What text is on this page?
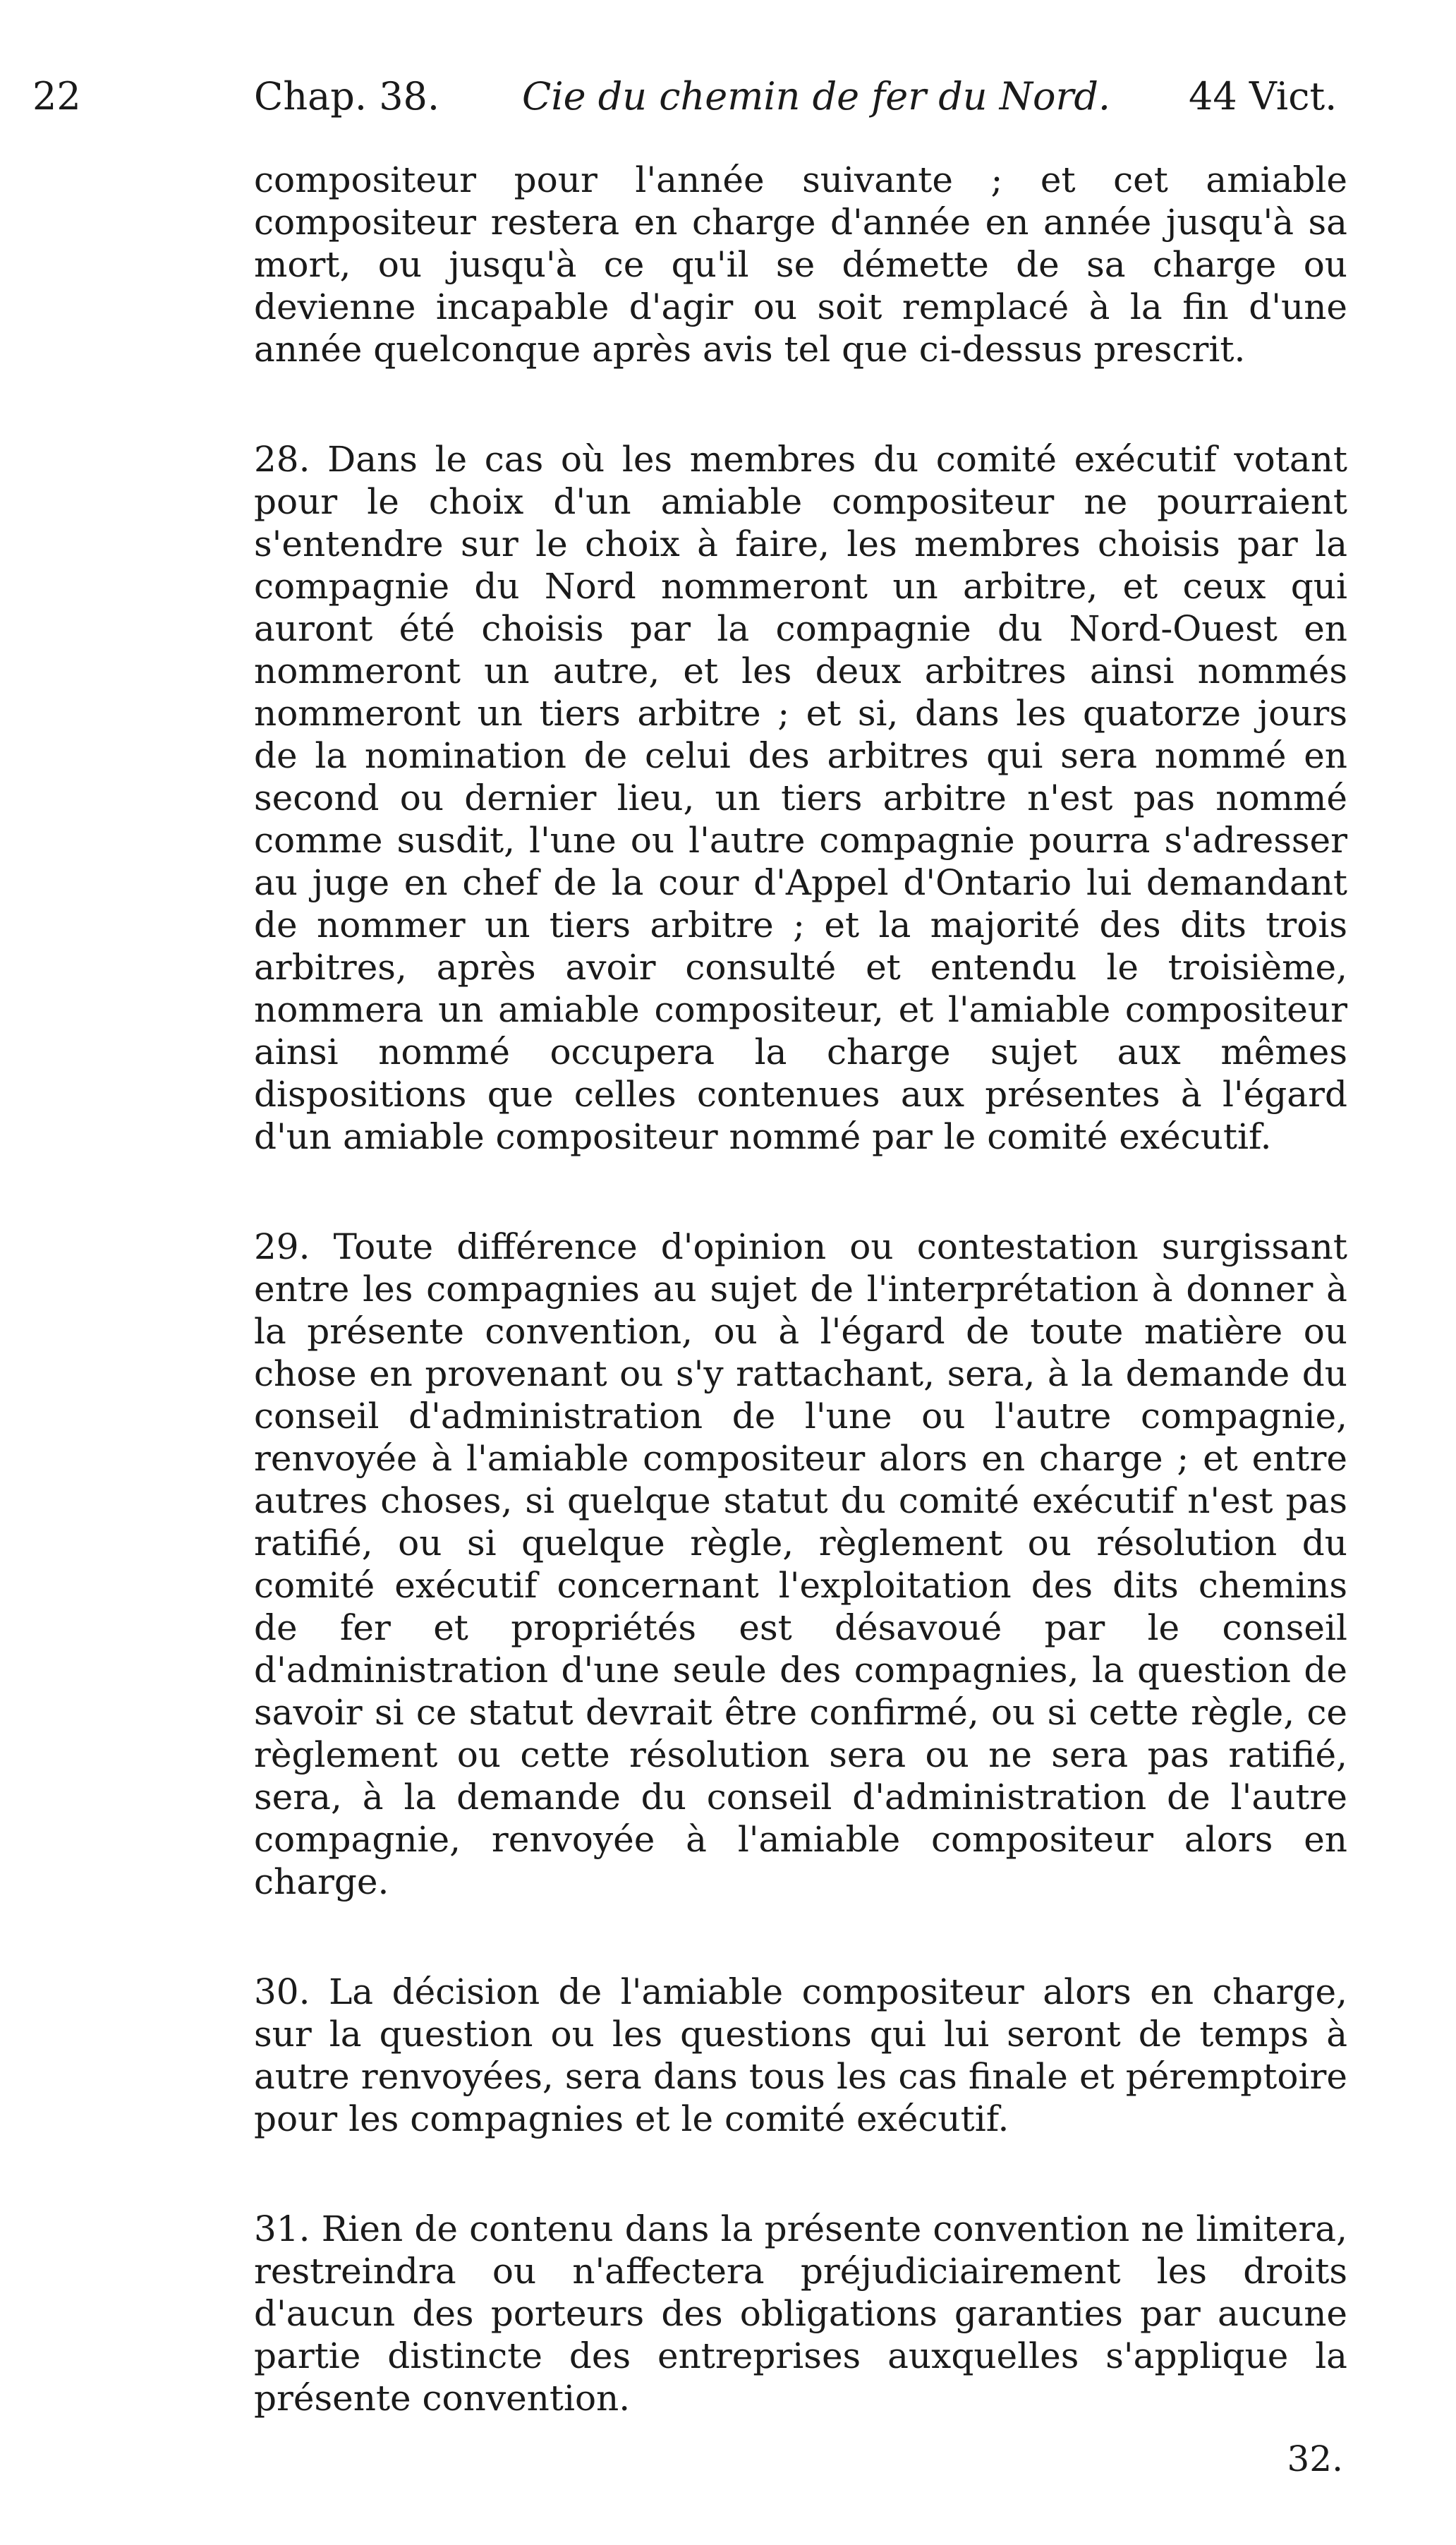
22	Chap. 38. Cie du chemin de fer du Nord. 44 Vict.

compositeur pour l'année suivante ; et cet amiable compositeur restera en charge d'année en année jusqu'à sa mort, ou jusqu'à ce qu'il se démette de sa charge ou devienne incapable d'agir ou soit remplacé à la fin d'une année quelconque après avis tel que ci-dessus prescrit.

28. Dans le cas où les membres du comité exécutif votant pour le choix d'un amiable compositeur ne pourraient s'entendre sur le choix à faire, les membres choisis par la compagnie du Nord nommeront un arbitre, et ceux qui auront été choisis par la compagnie du Nord-Ouest en nommeront un autre, et les deux arbitres ainsi nommés nommeront un tiers arbitre ; et si, dans les quatorze jours de la nomination de celui des arbitres qui sera nommé en second ou dernier lieu, un tiers arbitre n'est pas nommé comme susdit, l'une ou l'autre compagnie pourra s'adresser au juge en chef de la cour d'Appel d'Ontario lui demandant de nommer un tiers arbitre ; et la majorité des dits trois arbitres, après avoir consulté et entendu le troisième, nommera un amiable compositeur, et l'amiable compositeur ainsi nommé occupera la charge sujet aux mêmes dispositions que celles contenues aux présentes à l'égard d'un amiable compositeur nommé par le comité exécutif.

29. Toute différence d'opinion ou contestation surgissant entre les compagnies au sujet de l'interprétation à donner à la présente convention, ou à l'égard de toute matière ou chose en provenant ou s'y rattachant, sera, à la demande du conseil d'administration de l'une ou l'autre compagnie, renvoyée à l'amiable compositeur alors en charge ; et entre autres choses, si quelque statut du comité exécutif n'est pas ratifié, ou si quelque règle, règlement ou résolution du comité exécutif concernant l'exploitation des dits chemins de fer et propriétés est désavoué par le conseil d'administration d'une seule des compagnies, la question de savoir si ce statut devrait être confirmé, ou si cette règle, ce règlement ou cette résolution sera ou ne sera pas ratifié, sera, à la demande du conseil d'administration de l'autre compagnie, renvoyée à l'amiable compositeur alors en charge.

30. La décision de l'amiable compositeur alors en charge, sur la question ou les questions qui lui seront de temps à autre renvoyées, sera dans tous les cas finale et péremptoire pour les compagnies et le comité exécutif.

31. Rien de contenu dans la présente convention ne limitera, restreindra ou n'affectera préjudiciairement les droits d'aucun des porteurs des obligations garanties par aucune partie distincte des entreprises auxquelles s'applique la présente convention.

32.
